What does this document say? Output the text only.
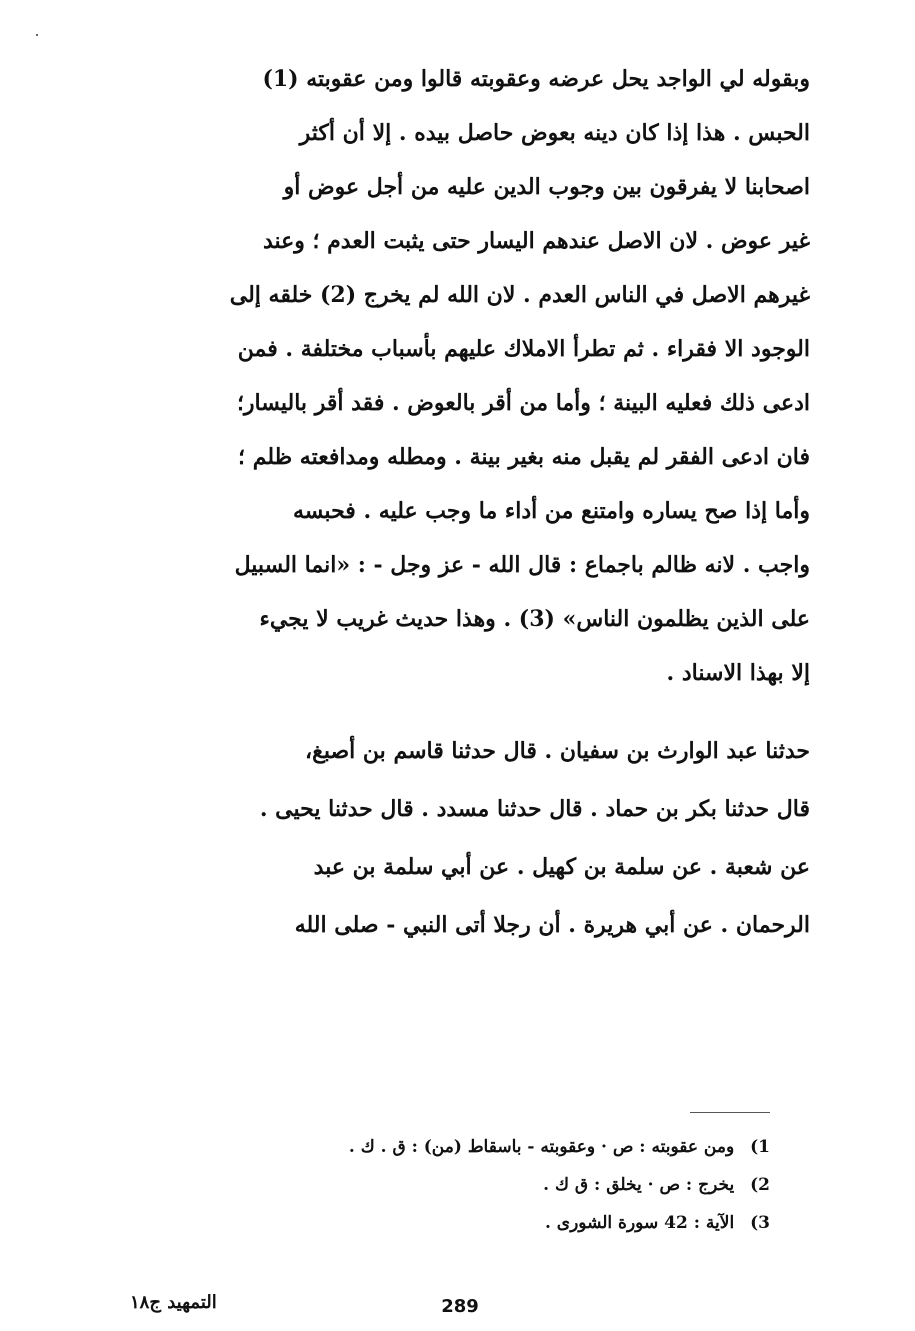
وبقوله لي الواجد يحل عرضه وعقوبته قالوا ومن عقوبته (1)
الحبس . هذا إذا كان دينه بعوض حاصل بيده . إلا أن أكثر
اصحابنا لا يفرقون بين وجوب الدين عليه من أجل عوض أو
غير عوض . لان الاصل عندهم اليسار حتى يثبت العدم ؛ وعند
غيرهم الاصل في الناس العدم . لان الله لم يخرج (2) خلقه إلى
الوجود الا فقراء . ثم تطرأ الاملاك عليهم بأسباب مختلفة . فمن
ادعى ذلك فعليه البينة ؛ وأما من أقر بالعوض . فقد أقر باليسار؛
فان ادعى الفقر لم يقبل منه بغير بينة . ومطله ومدافعته ظلم ؛
وأما إذا صح يساره وامتنع من أداء ما وجب عليه . فحبسه
واجب . لانه ظالم باجماع : قال الله - عز وجل - : «انما السبيل
على الذين يظلمون الناس» (3) . وهذا حديث غريب لا يجيء
إلا بهذا الاسناد .
حدثنا عبد الوارث بن سفيان . قال حدثنا قاسم بن أصبغ،
قال حدثنا بكر بن حماد . قال حدثنا مسدد . قال حدثنا يحيى .
عن شعبة . عن سلمة بن كهيل . عن أبي سلمة بن عبد
الرحمان . عن أبي هريرة . أن رجلا أتى النبي - صلى الله
1) ومن عقوبته : ص · وعقوبته - باسقاط (من) : ق . ك .
2) يخرج : ص · يخلق : ق ك .
3) الآية : 42 سورة الشورى .
التمهيد ج١٨	289
